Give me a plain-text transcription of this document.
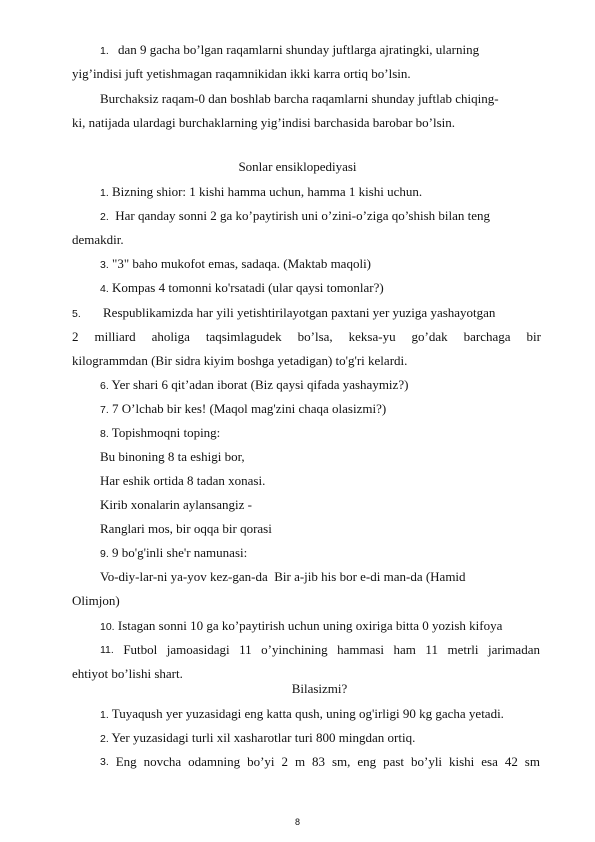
1. dan 9 gacha bo’lgan raqamlarni shunday juftlarga ajratingki, ularning
yig’indisi juft yetishmagan raqamnikidan ikki karra ortiq bo’lsin.
Burchaksiz raqam-0 dan boshlab barcha raqamlarni shunday juftlab chiqing-
ki, natijada ulardagi burchaklarning yig’indisi barchasida barobar bo’lsin.
Sonlar ensiklopediyasi
1. Bizning shior: 1 kishi hamma uchun, hamma 1 kishi uchun.
2.  Har qanday sonni 2 ga ko’paytirish uni o’zini-o’ziga qo’shish bilan teng
demakdir.
3. "3" baho mukofot emas, sadaqa. (Maktab maqoli)
4. Kompas 4 tomonni ko'rsatadi (ular qaysi tomonlar?)
5. Respublikamizda har yili yetishtirilayotgan paxtani yer yuziga yashayotgan
2 milliard aholiga taqsimlagudek bo’lsa, keksa-yu go’dak barchaga bir
kilogrammdan (Bir sidra kiyim boshga yetadigan) to'g'ri kelardi.
6. Yer shari 6 qit’adan iborat (Biz qaysi qifada yashaymiz?)
7. 7 O’lchab bir kes! (Maqol mag'zini chaqa olasizmi?)
8. Topishmoqni toping:
Bu binoning 8 ta eshigi bor,
Har eshik ortida 8 tadan xonasi.
Kirib xonalarin aylansangiz -
Ranglari mos, bir oqqa bir qorasi
9. 9 bo'g'inli she'r namunasi:
Vo-diy-lar-ni ya-yov kez-gan-da  Bir a-jib his bor e-di man-da (Hamid
Olimjon)
10. Istagan sonni 10 ga ko’paytirish uchun uning oxiriga bitta 0 yozish kifoya
11. Futbol jamoasidagi 11 o’yinchining hammasi ham 11 metrli jarimadan
ehtiyot bo’lishi shart.
Bilasizmi?
1. Tuyaqush yer yuzasidagi eng katta qush, uning og'irligi 90 kg gacha yetadi.
2. Yer yuzasidagi turli xil xasharotlar turi 800 mingdan ortiq.
3. Eng novcha odamning bo’yi 2 m 83 sm, eng past bo’yli kishi esa 42 sm
8
